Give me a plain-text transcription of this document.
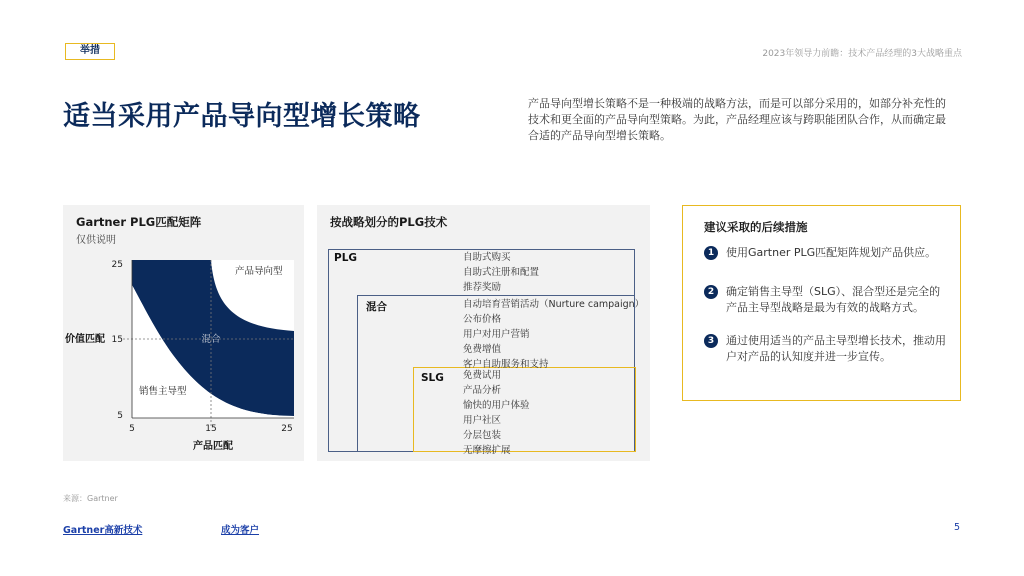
举措	2023年领导力前瞻：技术产品经理的3大战略重点
适当采用产品导向型增长策略	产品导向型增长策略不是一种极端的战略方法，而是可以部分采用的，如部分补充性的技术和更全面的产品导向型策略。为此，产品经理应该与跨职能团队合作，从而确定最合适的产品导向型增长策略。

Gartner PLG匹配矩阵
仅供说明
25
15
5
5	15	25
价值匹配
产品匹配
产品导向型
混合
销售主导型
按战略划分的PLG技术
PLG	自助式购买
自助式注册和配置
推荐奖励
混合	自动培育营销活动（Nurture campaign）
公布价格
用户对用户营销
免费增值
客户自助服务和支持
SLG 免费试用
产品分析
愉快的用户体验
用户社区
分层包装
无摩擦扩展
建议采取的后续措施
1	使用Gartner PLG匹配矩阵规划产品供应。
2	确定销售主导型（SLG）、混合型还是完全的产品主导型战略是最为有效的战略方式。
3	通过使用适当的产品主导型增长技术，推动用户对产品的认知度并进一步宣传。
来源：Gartner
Gartner高新技术	成为客户	5
